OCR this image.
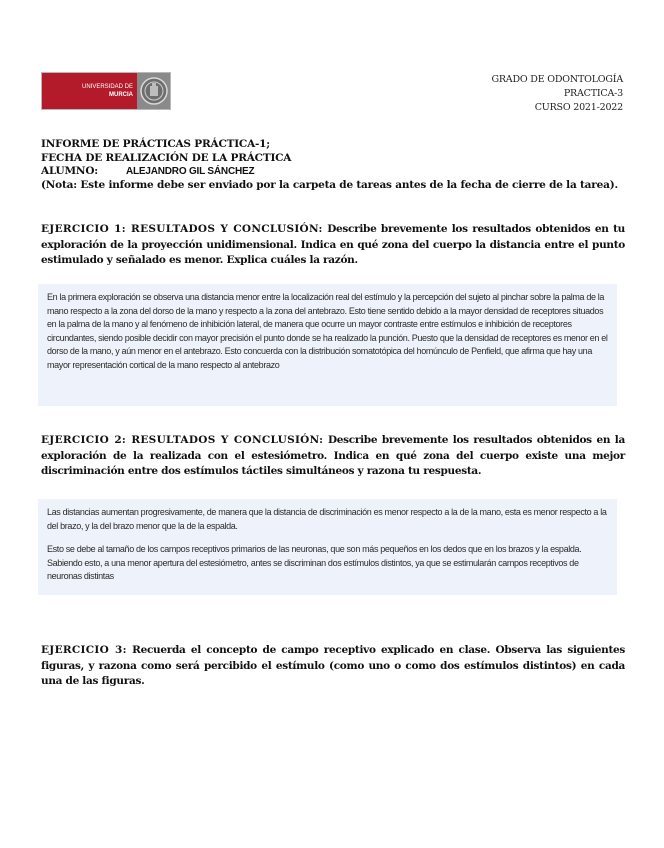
UNIVERSIDAD DE
MURCIA
GRADO DE ODONTOLOGÍA
PRACTICA-3
CURSO 2021-2022
INFORME DE PRÁCTICAS PRÁCTICA-1;
FECHA DE REALIZACIÓN DE LA PRÁCTICA
ALUMNO:	ALEJANDRO GIL SÁNCHEZ
(Nota: Este informe debe ser enviado por la carpeta de tareas antes de la fecha de cierre de la tarea).
EJERCICIO 1: RESULTADOS Y CONCLUSIÓN: Describe brevemente los resultados obtenidos en tu exploración de la proyección unidimensional. Indica en qué zona del cuerpo la distancia entre el punto estimulado y señalado es menor. Explica cuáles la razón.

En la primera exploración se observa una distancia menor entre la localización real del estímulo y la percepción del sujeto al pinchar sobre la palma de la mano respecto a la zona del dorso de la mano y respecto a la zona del antebrazo. Esto tiene sentido debido a la mayor densidad de receptores situados en la palma de la mano y al fenómeno de inhibición lateral, de manera que ocurre un mayor contraste entre estímulos e inhibición de receptores circundantes, siendo posible decidir con mayor precisión el punto donde se ha realizado la punción. Puesto que la densidad de receptores es menor en el dorso de la mano, y aún menor en el antebrazo. Esto concuerda con la distribución somatotópica del homúnculo de Penfield, que afirma que hay una mayor representación cortical de la mano respecto al antebrazo

EJERCICIO 2: RESULTADOS Y CONCLUSIÓN: Describe brevemente los resultados obtenidos en la exploración de la realizada con el estesiómetro. Indica en qué zona del cuerpo existe una mejor discriminación entre dos estímulos táctiles simultáneos y razona tu respuesta.

Las distancias aumentan progresivamente, de manera que la distancia de discriminación es menor respecto a la de la mano, esta es menor respecto a la del brazo, y la del brazo menor que la de la espalda.

Esto se debe al tamaño de los campos receptivos primarios de las neuronas, que son más pequeños en los dedos que en los brazos y la espalda. Sabiendo esto, a una menor apertura del estesiómetro, antes se discriminan dos estímulos distintos, ya que se estimularán campos receptivos de neuronas distintas

EJERCICIO 3: Recuerda el concepto de campo receptivo explicado en clase. Observa las siguientes figuras, y razona como será percibido el estímulo (como uno o como dos estímulos distintos) en cada una de las figuras.
